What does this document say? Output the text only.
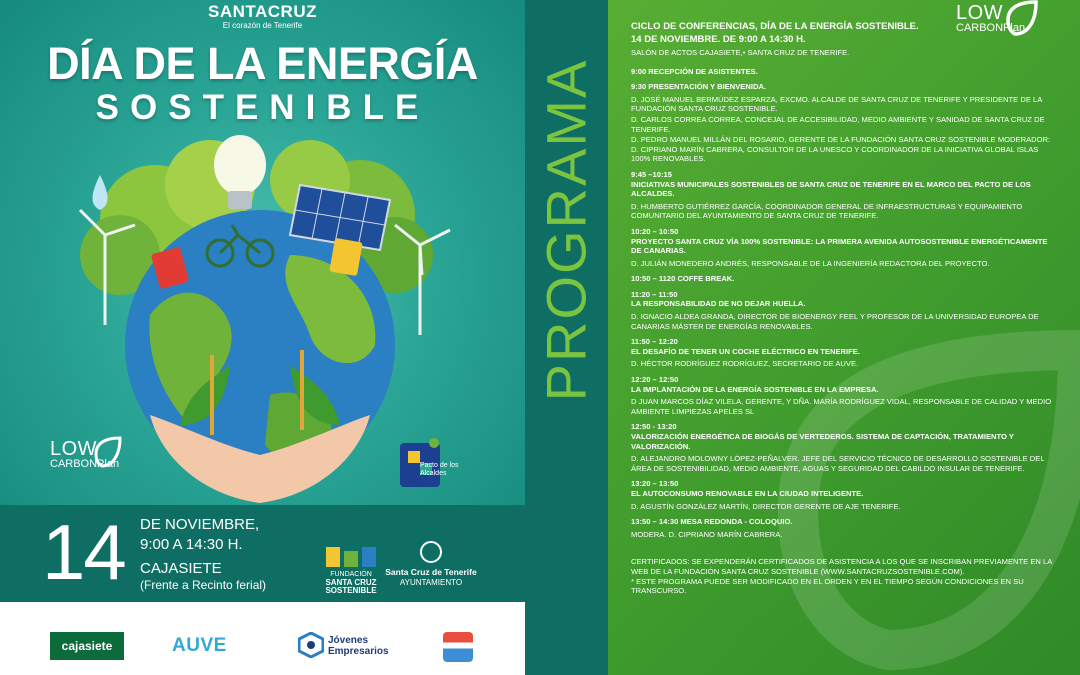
SANTACRUZ
El corazón de Tenerife
DÍA DE LA ENERGÍA
SOSTENIBLE
LOW
CARBONPlan	Pacto de los Alcaldes
14 DE NOVIEMBRE,
9:00 A 14:30 H.
CAJASIETE
(Frente a Recinto ferial)
FUNDACIÓN
SANTA CRUZ
SOSTENIBLE
Santa Cruz de Tenerife
AYUNTAMIENTO
cajasiete	AUVE	Jóvenes
Empresarios
PROGRAMA
LOW
CARBONPlan
CICLO DE CONFERENCIAS, DÍA DE LA ENERGÍA SOSTENIBLE.
14 DE NOVIEMBRE. DE 9:00 A 14:30 H.
SALÓN DE ACTOS CAJASIETE,• SANTA CRUZ DE TENERIFE.
9:00 RECEPCIÓN DE ASISTENTES.
9:30 PRESENTACIÓN Y BIENVENIDA.
D. JOSÉ MANUEL BERMÚDEZ ESPARZA, EXCMO. ALCALDE DE SANTA CRUZ DE TENERIFE Y PRESIDENTE DE LA FUNDACIÓN SANTA CRUZ SOSTENIBLE.
D. CARLOS CORREA CORREA, CONCEJAL DE ACCESIBILIDAD, MEDIO AMBIENTE Y SANIDAD DE SANTA CRUZ DE TENERIFE.
D. PEDRO MANUEL MILLÁN DEL ROSARIO, GERENTE DE LA FUNDACIÓN SANTA CRUZ SOSTENIBLE MODERADOR: D. CIPRIANO MARÍN CABRERA, CONSULTOR DE LA UNESCO Y COORDINADOR DE LA INICIATIVA GLOBAL ISLAS 100% RENOVABLES.
9:45 –10:15
INICIATIVAS MUNICIPALES SOSTENIBLES DE SANTA CRUZ DE TENERIFE EN EL MARCO DEL PACTO DE LOS ALCALDES.
D. HUMBERTO GUTIÉRREZ GARCÍA, COORDINADOR GENERAL DE INFRAESTRUCTURAS Y EQUIPAMIENTO COMUNITARIO DEL AYUNTAMIENTO DE SANTA CRUZ DE TENERIFE.
10:20 – 10:50
PROYECTO SANTA CRUZ VÍA 100% SOSTENIBLE: LA PRIMERA AVENIDA AUTOSOSTENIBLE ENERGÉTICAMENTE DE CANARIAS.
D. JULIÁN MONEDERO ANDRÉS, RESPONSABLE DE LA INGENIERÍA REDACTORA DEL PROYECTO.
10:50 – 1120 COFFE BREAK.
11:20 – 11:50
LA RESPONSABILIDAD DE NO DEJAR HUELLA.
D. IGNACIO ALDEA GRANDA, DIRECTOR DE BIOENERGY FEEL Y PROFESOR DE LA UNIVERSIDAD EUROPEA DE CANARIAS MÁSTER DE ENERGÍAS RENOVABLES.
11:50 – 12:20
EL DESAFÍO DE TENER UN COCHE ELÉCTRICO EN TENERIFE.
D. HÉCTOR RODRÍGUEZ RODRÍGUEZ, SECRETARIO DE AUVE.
12:20 – 12:50
LA IMPLANTACIÓN DE LA ENERGÍA SOSTENIBLE EN LA EMPRESA.
D JUAN MARCOS DÍAZ VILELA, GERENTE, Y DÑA. MARÍA RODRÍGUEZ VIDAL, RESPONSABLE DE CALIDAD Y MEDIO AMBIENTE LIMPIEZAS APELES SL
12:50 - 13:20
VALORIZACIÓN ENERGÉTICA DE BIOGÁS DE VERTEDEROS. SISTEMA DE CAPTACIÓN, TRATAMIENTO Y VALORIZACIÓN.
D. ALEJANDRO MOLOWNY LÓPEZ-PEÑALVER. JEFE DEL SERVICIO TÉCNICO DE DESARROLLO SOSTENIBLE DEL ÁREA DE SOSTENIBILIDAD, MEDIO AMBIENTE, AGUAS Y SEGURIDAD DEL CABILDO INSULAR DE TENERIFE.
13:20 – 13:50
EL AUTOCONSUMO RENOVABLE EN LA CIUDAD INTELIGENTE.
D. AGUSTÍN GONZÁLEZ MARTÍN, DIRECTOR GERENTE DE AJE TENERIFE.
13:50 – 14:30 MESA REDONDA - COLOQUIO.
MODERA. D. CIPRIANO MARÍN CABRERA.
CERTIFICADOS: SE EXPENDERÁN CERTIFICADOS DE ASISTENCIA A LOS QUE SE INSCRIBAN PREVIAMENTE EN LA WEB DE LA FUNDACIÓN SANTA CRUZ SOSTENIBLE (WWW.SANTACRUZSOSTENIBLE.COM).
* ESTE PROGRAMA PUEDE SER MODIFICADO EN EL ORDEN Y EN EL TIEMPO SEGÚN CONDICIONES EN SU TRANSCURSO.
